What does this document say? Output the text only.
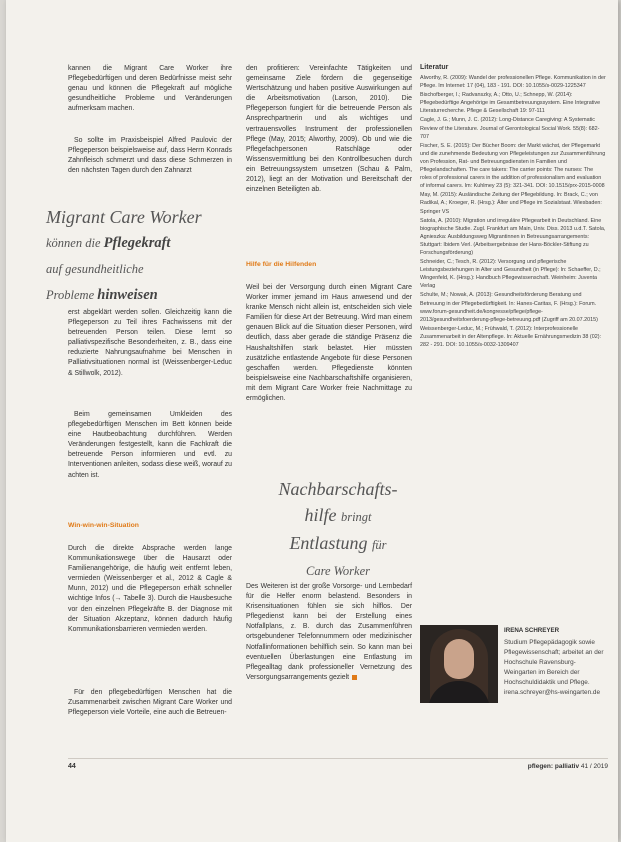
kannen die Migrant Care Worker ihre Pflegebedürftigen und deren Bedürfnisse meist sehr genau und können die Pflegekraft auf mögliche gesundheitliche Probleme und Veränderungen aufmerksam machen.

So sollte im Praxisbeispiel Alfred Paulovic der Pflegeperson beispielsweise auf, dass Herrn Konrads Zahnfleisch schmerzt und dass diese Schmerzen in den nächsten Tagen durch den Zahnarzt

Migrant Care Worker
können die Pflegekraft
auf gesundheitliche
Probleme hinweisen

erst abgeklärt werden sollen. Gleichzeitig kann die Pflegeperson zu Teil ihres Fachwissens mit der betreuenden Person teilen. Diese lernt so palliativspezifische Besonderheiten, z. B., dass eine reduzierte Nahrungsaufnahme bei Menschen in Palliativsituationen normal ist (Weissenberger-Leduc & Stillwolk, 2012).

Beim gemeinsamen Umkleiden des pflegebedürftigen Menschen im Bett können beide eine Hautbeobachtung durchführen. Werden Veränderungen festgestellt, kann die Fachkraft die betreuende Person informieren und evtl. zu Interventionen anleiten, sodass diese weiß, worauf zu achten ist.

Win-win-win-Situation

Durch die direkte Absprache werden lange Kommunikationswege über die Hausarzt oder Familienangehörige, die häufig weit entfernt leben, vermieden (Weissenberger et al., 2012 & Cagle & Munn, 2012) und die Pflegeperson erhält schneller wichtige Infos (→ Tabelle 3). Durch die Hausbesuche vor den einzelnen Pflegekräfte B. der Diagnose mit der Situation Akzeptanz, können dadurch häufig Kommunikationsbarrieren vermieden werden.

Für den pflegebedürftigen Menschen hat die Zusammenarbeit zwischen Migrant Care Worker und Pflegeperson viele Vorteile, eine auch die Betreuen-

den profitieren: Vereinfachte Tätigkeiten und gemeinsame Ziele fördern die gegenseitige Wertschätzung und haben positive Auswirkungen auf die Arbeitsmotivation (Larson, 2010). Die Pflegeperson fungiert für die betreuende Person als Ansprechpartnerin und als wichtiges und vertrauensvolles Instrument der professionellen Pflege (May, 2015; Alworthy, 2009). Ob und wie die Pflegefachpersonen Ratschläge oder Wissensvermittlung bei den Kontrollbesuchen durch ein Betreuungssystem umsetzen (Schau & Palm, 2012), liegt an der Motivation und Bereitschaft der einzelnen Beteiligten ab.

Hilfe für die Hilfenden

Weil bei der Versorgung durch einen Migrant Care Worker immer jemand im Haus anwesend und der kranke Mensch nicht allein ist, entscheiden sich viele Familien für diese Art der Betreuung. Wird man einem genauen Blick auf die Situation dieser Personen, wird deutlich, dass aber gerade die ständige Präsenz die Haushaltshilfen stark belastet. Hier müssten zusätzliche entlastende Angebote für diese Personen geschaffen werden. Pflegedienste könnten beispielsweise eine Nachbarschaftshilfe organisieren, mit dem Migrant Care Worker freie Nachmittage zu ermöglichen.

Nachbarschafts-
hilfe bringt
Entlastung für
Care Worker

Des Weiteren ist der große Vorsorge- und Lernbedarf für die Helfer enorm belastend. Besonders in Krisensituationen fühlen sie sich hilflos. Der Pflegedienst kann bei der Erstellung eines Notfallplans, z. B. durch das Zusammenführen ortsgebundener Telefonnummern oder medizinischer Notfallinformationen behilflich sein. So kann man bei eventuellen Überlastungen eine Entlastung im Pflegealltag dank professioneller Vernetzung des Versorgungsarrangements gezielt

Literatur

Alworthy, R. (2009): Wandel der professionellen Pflege. Kommunikation in der Pflege. Im Internet: 17 (04), 183 - 191. DOI: 10.1055/s-0029-1225347
Bischofberger, I.; Radvanszky, A.; Otto, U.; Schnepp, W. (2014): Pflegebedürftige Angehörige im Gesamtbetreuungssystem. Eine Integrative Literaturrecherche. Pflege & Gesellschaft 19: 97-111
Cagle, J. G.; Munn, J. C. (2012): Long-Distance Caregiving: A Systematic Review of the Literature. Journal of Gerontological Social Work. 55(8): 682-707
Fischer, S. E. (2015): Der Bücher Boom: der Markt wächst, der Pflegemarkt und die zunehmende Bedeutung von Pflegeleistungen zur Zusammenführung von Profession, Rat- und Betreuungsdiensten in Familien und Pflegelandschaften. The care takers: The carrier points: The nurses: The roles of professional carers in the addition of professionalism and evaluation of informal carers. Im: Kuhlmey 23 (5): 321-341. DOI: 10.1515/prx-2015-0008
May, M. (2015): Ausländische Zeitung der Pflegebildung. In: Brack, C.; von Radikal, A.; Kroeger, R. (Hrsg.): Älter und Pflege im Sozialstaat. Wiesbaden: Springer VS
Satola, A. (2010): Migration und irreguläre Pflegearbeit in Deutschland. Eine biographische Studie. Zugl. Frankfurt am Main, Univ. Diss. 2013 u.d.T. Satola, Agnieszka: Ausbildungsweg Migrantinnen in Betreuungsarrangements: Stuttgart: Ibidem Verl. (Arbeitsergebnisse der Hans-Böckler-Stiftung zu Forschungsförderung)
Schneider, C.; Tesch, R. (2012): Versorgung und pflegerische Leistungsbeziehungen in Alter und Gesundheit (in Pflege): In: Schaeffer, D.; Wingenfeld, K. (Hrsg.): Handbuch Pflegewissenschaft. Weinheim: Juventa Verlag
Schulte, M.; Nowak, A. (2013): Gesundheitsförderung Beratung und Betreuung in der Pflegebedürftigkeit. In: Hanes-Caritas, F. (Hrsg.): Forum. www.forum-gesundheit.de/kongresse/pflege/pflege-2013/gesundheitsfoerderung-pflege-betreuung.pdf (Zugriff am 20.07.2015)
Weissenberger-Leduc, M.; Frühwald, T. (2012): Interprofessionelle Zusammenarbeit in der Altenpflege. In: Aktuelle Ernährungsmedizin 38 (02): 282 - 291. DOI: 10.1055/s-0032-1309407

IRENA SCHREYER

Studium Pflegepädagogik sowie Pflegewissenschaft; arbeitet an der Hochschule Ravensburg-Weingarten im Bereich der Hochschuldidaktik und Pflege. irena.schreyer@hs-weingarten.de

44	pflegen: palliativ 41 / 2019
